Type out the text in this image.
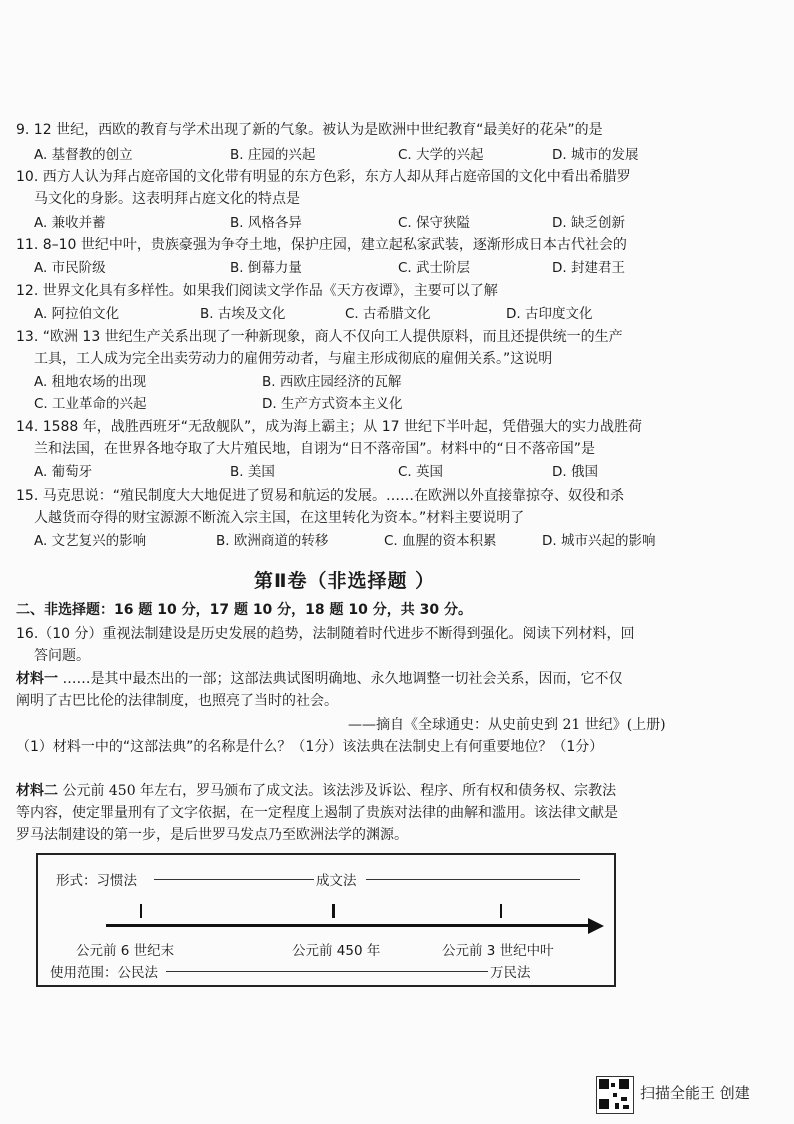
9. 12 世纪，西欧的教育与学术出现了新的气象。被认为是欧洲中世纪教育“最美好的花朵”的是
A. 基督教的创立	B. 庄园的兴起	C. 大学的兴起	D. 城市的发展
10. 西方人认为拜占庭帝国的文化带有明显的东方色彩，东方人却从拜占庭帝国的文化中看出希腊罗
马文化的身影。这表明拜占庭文化的特点是
A. 兼收并蓄	B. 风格各异	C. 保守狭隘	D. 缺乏创新
11. 8–10 世纪中叶，贵族豪强为争夺土地，保护庄园，建立起私家武装，逐渐形成日本古代社会的
A. 市民阶级	B. 倒幕力量	C. 武士阶层	D. 封建君王
12. 世界文化具有多样性。如果我们阅读文学作品《天方夜谭》，主要可以了解
A. 阿拉伯文化	B. 古埃及文化	C. 古希腊文化	D. 古印度文化
13. “欧洲 13 世纪生产关系出现了一种新现象，商人不仅向工人提供原料，而且还提供统一的生产
工具，工人成为完全出卖劳动力的雇佣劳动者，与雇主形成彻底的雇佣关系。”这说明
A. 租地农场的出现	B. 西欧庄园经济的瓦解
C. 工业革命的兴起	D. 生产方式资本主义化
14. 1588 年，战胜西班牙“无敌舰队”，成为海上霸主；从 17 世纪下半叶起，凭借强大的实力战胜荷
兰和法国，在世界各地夺取了大片殖民地，自诩为“日不落帝国”。材料中的“日不落帝国”是
A. 葡萄牙	B. 美国	C. 英国	D. 俄国
15. 马克思说：“殖民制度大大地促进了贸易和航运的发展。……在欧洲以外直接靠掠夺、奴役和杀
人越货而夺得的财宝源源不断流入宗主国，在这里转化为资本。”材料主要说明了
A. 文艺复兴的影响	B. 欧洲商道的转移	C. 血腥的资本积累	D. 城市兴起的影响
第Ⅱ卷（非选择题 ）
二、非选择题：16 题 10 分，17 题 10 分，18 题 10 分，共 30 分。
16.（10 分）重视法制建设是历史发展的趋势，法制随着时代进步不断得到强化。阅读下列材料，回
答问题。
材料一 ……是其中最杰出的一部；这部法典试图明确地、永久地调整一切社会关系，因而，它不仅
阐明了古巴比伦的法律制度，也照亮了当时的社会。
——摘自《全球通史：从史前史到 21 世纪》(上册)
（1）材料一中的“这部法典”的名称是什么？（1分）该法典在法制史上有何重要地位？（1分）
材料二 公元前 450 年左右，罗马颁布了成文法。该法涉及诉讼、程序、所有权和债务权、宗教法
等内容，使定罪量刑有了文字依据，在一定程度上遏制了贵族对法律的曲解和滥用。该法律文献是
罗马法制建设的第一步，是后世罗马发点乃至欧洲法学的渊源。
形式：习惯法	成文法
公元前 6 世纪末	公元前 450 年	公元前 3 世纪中叶
使用范围：公民法	万民法
扫描全能王 创建
